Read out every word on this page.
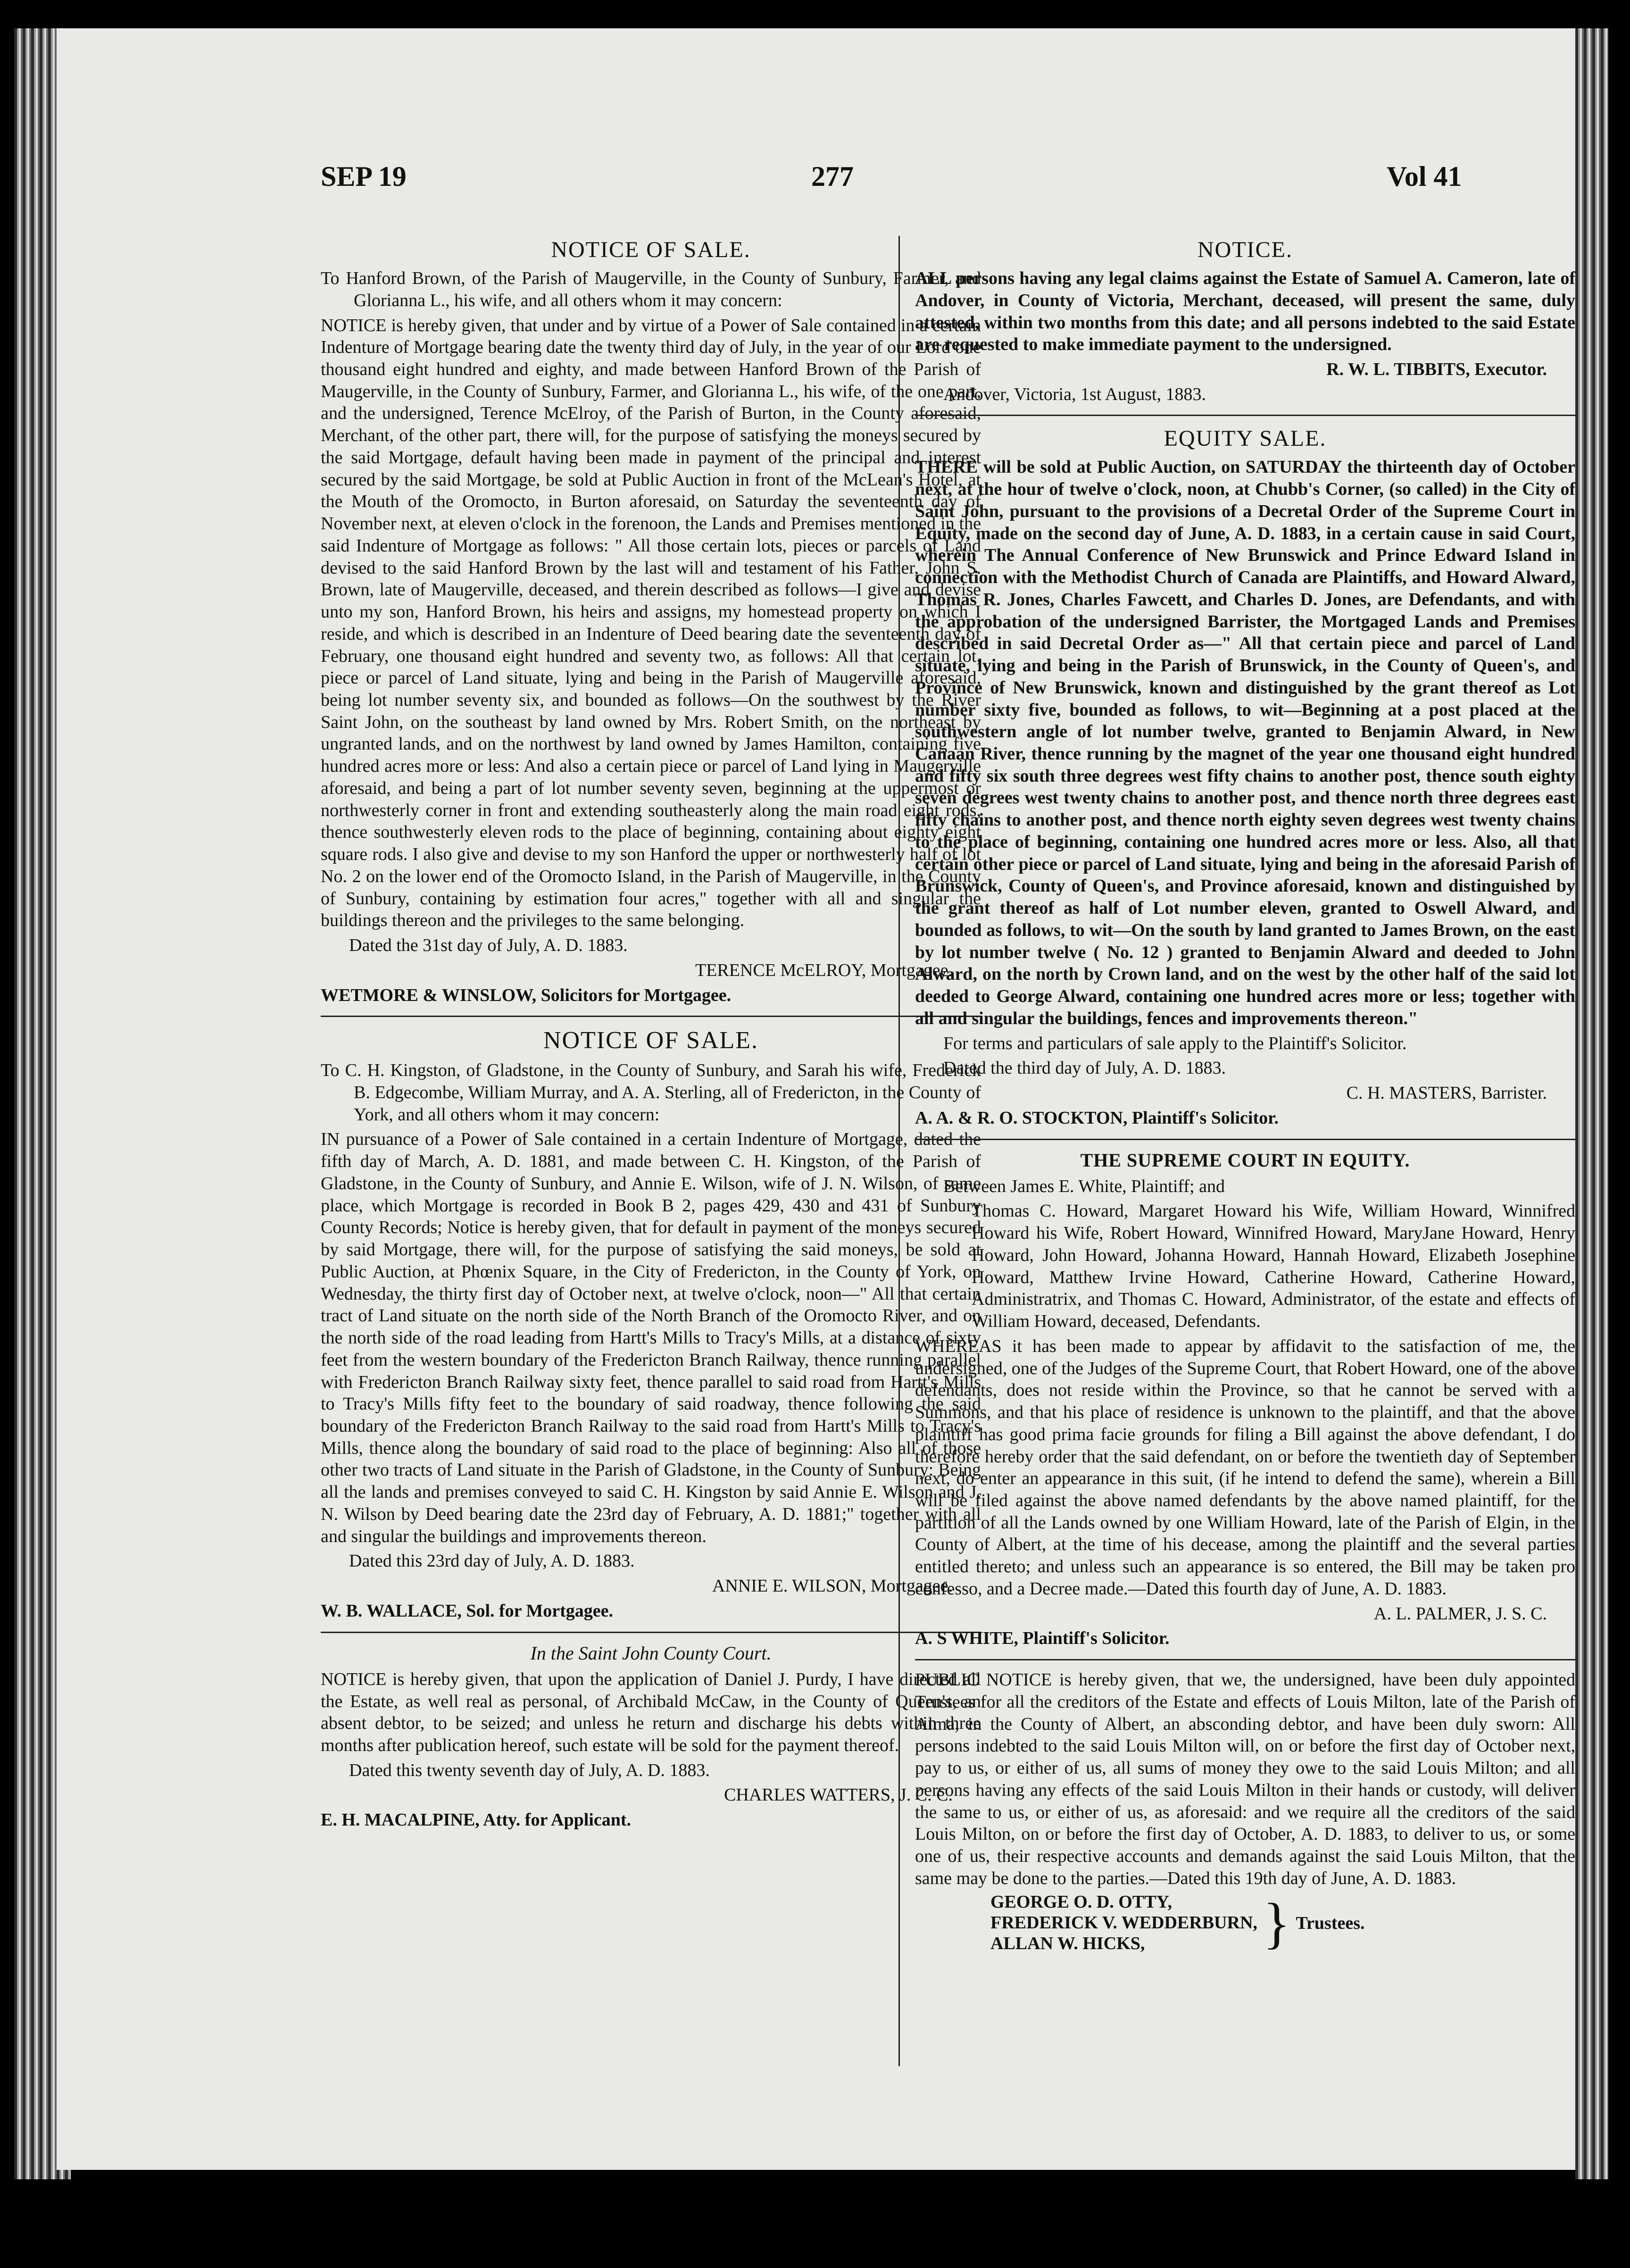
SEP 19	277	Vol 41
NOTICE OF SALE.

To Hanford Brown, of the Parish of Maugerville, in the County of Sunbury, Farmer, and Glorianna L., his wife, and all others whom it may concern:

NOTICE is hereby given, that under and by virtue of a Power of Sale contained in a certain Indenture of Mortgage bearing date the twenty third day of July, in the year of our Lord one thousand eight hundred and eighty, and made between Hanford Brown of the Parish of Maugerville, in the County of Sunbury, Farmer, and Glorianna L., his wife, of the one part, and the undersigned, Terence McElroy, of the Parish of Burton, in the County aforesaid, Merchant, of the other part, there will, for the purpose of satisfying the moneys secured by the said Mortgage, default having been made in payment of the principal and interest secured by the said Mortgage, be sold at Public Auction in front of the McLean's Hotel, at the Mouth of the Oromocto, in Burton aforesaid, on Saturday the seventeenth day of November next, at eleven o'clock in the forenoon, the Lands and Premises mentioned in the said Indenture of Mortgage as follows: " All those certain lots, pieces or parcels of Land devised to the said Hanford Brown by the last will and testament of his Father, John S. Brown, late of Maugerville, deceased, and therein described as follows—I give and devise unto my son, Hanford Brown, his heirs and assigns, my homestead property on which I reside, and which is described in an Indenture of Deed bearing date the seventeenth day of February, one thousand eight hundred and seventy two, as follows: All that certain lot, piece or parcel of Land situate, lying and being in the Parish of Maugerville aforesaid, being lot number seventy six, and bounded as follows—On the southwest by the River Saint John, on the southeast by land owned by Mrs. Robert Smith, on the northeast by ungranted lands, and on the northwest by land owned by James Hamilton, containing five hundred acres more or less: And also a certain piece or parcel of Land lying in Maugerville aforesaid, and being a part of lot number seventy seven, beginning at the uppermost or northwesterly corner in front and extending southeasterly along the main road eight rods, thence southwesterly eleven rods to the place of beginning, containing about eighty eight square rods. I also give and devise to my son Hanford the upper or northwesterly half of lot No. 2 on the lower end of the Oromocto Island, in the Parish of Maugerville, in the County of Sunbury, containing by estimation four acres," together with all and singular the buildings thereon and the privileges to the same belonging.

Dated the 31st day of July, A. D. 1883.

TERENCE McELROY, Mortgagee.

WETMORE & WINSLOW, Solicitors for Mortgagee.

NOTICE OF SALE.

To C. H. Kingston, of Gladstone, in the County of Sunbury, and Sarah his wife, Frederick B. Edgecombe, William Murray, and A. A. Sterling, all of Fredericton, in the County of York, and all others whom it may concern:

IN pursuance of a Power of Sale contained in a certain Indenture of Mortgage, dated the fifth day of March, A. D. 1881, and made between C. H. Kingston, of the Parish of Gladstone, in the County of Sunbury, and Annie E. Wilson, wife of J. N. Wilson, of same place, which Mortgage is recorded in Book B 2, pages 429, 430 and 431 of Sunbury County Records; Notice is hereby given, that for default in payment of the moneys secured by said Mortgage, there will, for the purpose of satisfying the said moneys, be sold at Public Auction, at Phœnix Square, in the City of Fredericton, in the County of York, on Wednesday, the thirty first day of October next, at twelve o'clock, noon—" All that certain tract of Land situate on the north side of the North Branch of the Oromocto River, and on the north side of the road leading from Hartt's Mills to Tracy's Mills, at a distance of sixty feet from the western boundary of the Fredericton Branch Railway, thence running parallel with Fredericton Branch Railway sixty feet, thence parallel to said road from Hartt's Mills to Tracy's Mills fifty feet to the boundary of said roadway, thence following the said boundary of the Fredericton Branch Railway to the said road from Hartt's Mills to Tracy's Mills, thence along the boundary of said road to the place of beginning: Also all of those other two tracts of Land situate in the Parish of Gladstone, in the County of Sunbury: Being all the lands and premises conveyed to said C. H. Kingston by said Annie E. Wilson and J. N. Wilson by Deed bearing date the 23rd day of February, A. D. 1881;" together with all and singular the buildings and improvements thereon.

Dated this 23rd day of July, A. D. 1883.

ANNIE E. WILSON, Mortgagee.

W. B. WALLACE, Sol. for Mortgagee.

In the Saint John County Court.

NOTICE is hereby given, that upon the application of Daniel J. Purdy, I have directed all the Estate, as well real as personal, of Archibald McCaw, in the County of Queen's, an absent debtor, to be seized; and unless he return and discharge his debts within three months after publication hereof, such estate will be sold for the payment thereof.

Dated this twenty seventh day of July, A. D. 1883.

CHARLES WATTERS, J. C. C.

E. H. MACALPINE, Atty. for Applicant.

NOTICE.

ALL persons having any legal claims against the Estate of Samuel A. Cameron, late of Andover, in County of Victoria, Merchant, deceased, will present the same, duly attested, within two months from this date; and all persons indebted to the said Estate are requested to make immediate payment to the undersigned.

R. W. L. TIBBITS, Executor.

Andover, Victoria, 1st August, 1883.

EQUITY SALE.

THERE will be sold at Public Auction, on SATURDAY the thirteenth day of October next, at the hour of twelve o'clock, noon, at Chubb's Corner, (so called) in the City of Saint John, pursuant to the provisions of a Decretal Order of the Supreme Court in Equity, made on the second day of June, A. D. 1883, in a certain cause in said Court, wherein The Annual Conference of New Brunswick and Prince Edward Island in connection with the Methodist Church of Canada are Plaintiffs, and Howard Alward, Thomas R. Jones, Charles Fawcett, and Charles D. Jones, are Defendants, and with the approbation of the undersigned Barrister, the Mortgaged Lands and Premises described in said Decretal Order as—" All that certain piece and parcel of Land situate, lying and being in the Parish of Brunswick, in the County of Queen's, and Province of New Brunswick, known and distinguished by the grant thereof as Lot number sixty five, bounded as follows, to wit—Beginning at a post placed at the southwestern angle of lot number twelve, granted to Benjamin Alward, in New Canaan River, thence running by the magnet of the year one thousand eight hundred and fifty six south three degrees west fifty chains to another post, thence south eighty seven degrees west twenty chains to another post, and thence north three degrees east fifty chains to another post, and thence north eighty seven degrees west twenty chains to the place of beginning, containing one hundred acres more or less. Also, all that certain other piece or parcel of Land situate, lying and being in the aforesaid Parish of Brunswick, County of Queen's, and Province aforesaid, known and distinguished by the grant thereof as half of Lot number eleven, granted to Oswell Alward, and bounded as follows, to wit—On the south by land granted to James Brown, on the east by lot number twelve ( No. 12 ) granted to Benjamin Alward and deeded to John Alward, on the north by Crown land, and on the west by the other half of the said lot deeded to George Alward, containing one hundred acres more or less; together with all and singular the buildings, fences and improvements thereon."

For terms and particulars of sale apply to the Plaintiff's Solicitor.

Dated the third day of July, A. D. 1883.

C. H. MASTERS, Barrister.

A. A. & R. O. STOCKTON, Plaintiff's Solicitor.

THE SUPREME COURT IN EQUITY.

Between James E. White, Plaintiff; and

Thomas C. Howard, Margaret Howard his Wife, William Howard, Winnifred Howard his Wife, Robert Howard, Winnifred Howard, MaryJane Howard, Henry Howard, John Howard, Johanna Howard, Hannah Howard, Elizabeth Josephine Howard, Matthew Irvine Howard, Catherine Howard, Catherine Howard, Administratrix, and Thomas C. Howard, Administrator, of the estate and effects of William Howard, deceased, Defendants.

WHEREAS it has been made to appear by affidavit to the satisfaction of me, the undersigned, one of the Judges of the Supreme Court, that Robert Howard, one of the above defendants, does not reside within the Province, so that he cannot be served with a Summons, and that his place of residence is unknown to the plaintiff, and that the above plaintiff has good prima facie grounds for filing a Bill against the above defendant, I do therefore hereby order that the said defendant, on or before the twentieth day of September next, do enter an appearance in this suit, (if he intend to defend the same), wherein a Bill will be filed against the above named defendants by the above named plaintiff, for the partition of all the Lands owned by one William Howard, late of the Parish of Elgin, in the County of Albert, at the time of his decease, among the plaintiff and the several parties entitled thereto; and unless such an appearance is so entered, the Bill may be taken pro confesso, and a Decree made.—Dated this fourth day of June, A. D. 1883.

A. L. PALMER, J. S. C.

A. S WHITE, Plaintiff's Solicitor.

PUBLIC NOTICE is hereby given, that we, the undersigned, have been duly appointed Trustees for all the creditors of the Estate and effects of Louis Milton, late of the Parish of Alma, in the County of Albert, an absconding debtor, and have been duly sworn: All persons indebted to the said Louis Milton will, on or before the first day of October next, pay to us, or either of us, all sums of money they owe to the said Louis Milton; and all persons having any effects of the said Louis Milton in their hands or custody, will deliver the same to us, or either of us, as aforesaid: and we require all the creditors of the said Louis Milton, on or before the first day of October, A. D. 1883, to deliver to us, or some one of us, their respective accounts and demands against the said Louis Milton, that the same may be done to the parties.—Dated this 19th day of June, A. D. 1883.

GEORGE O. D. OTTY,
FREDERICK V. WEDDERBURN,
ALLAN W. HICKS,	} Trustees.
